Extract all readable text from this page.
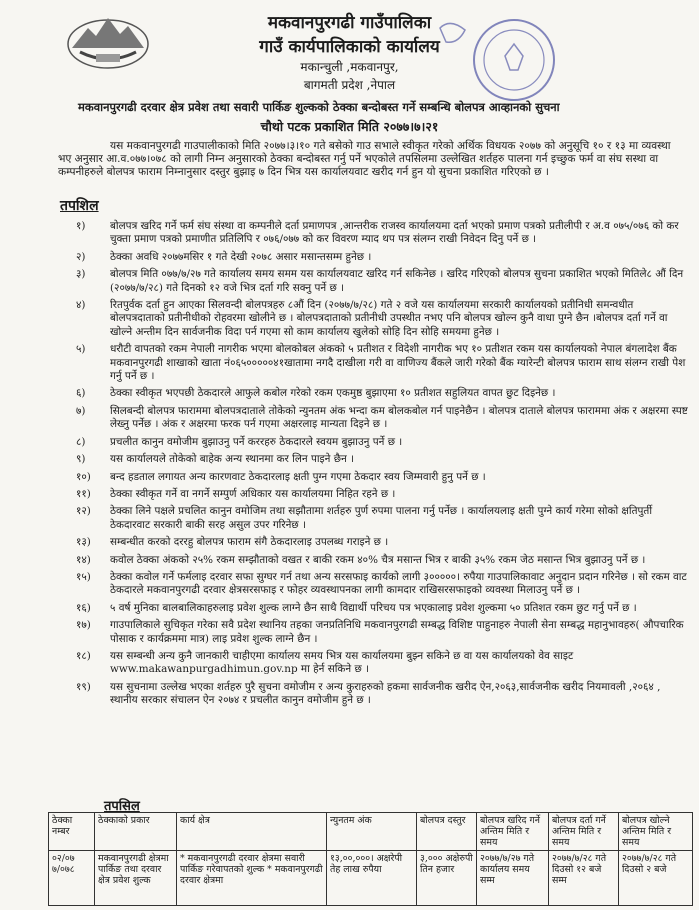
मकवानपुरगढी गाउँपालिका
गाउँ कार्यपालिकाको कार्यालय
मकान्चुली ,मकवानपुर,
बागमती प्रदेश ,नेपाल
मकवानपुरगढी दरवार क्षेत्र प्रवेश तथा सवारी पार्किङ शुल्कको ठेक्का बन्दोबस्त गर्ने सम्बन्धि बोलपत्र आव्हानको सुचना
चौथो पटक प्रकाशित मिति २०७७।७।२१
यस मकवानपुरगढी गाउपालीकाको मिति २०७७।३।१० गते बसेको गाउ सभाले स्वीकृत गरेको अर्थिक विधयक २०७७ को अनुसूचि १० र १३ मा व्यवस्था भए अनुसार आ.व.०७७।०७८ को लागी निम्न अनुसारको ठेक्का बन्दोबस्त गर्नु पर्ने भएकोले तपसिलमा उल्लेखित शर्तहरु पालना गर्न इच्छुक फर्म वा संघ सस्था वा कम्पनीहरुले बोलपत्र फाराम निम्नानुसार दस्तुर बुझाइ ७ दिन भित्र यस कार्यालयवाट खरीद गर्न हुन यो सुचना प्रकाशित गरिएको छ ।
तपशिल
१)	बोलपत्र खरिद गर्ने फर्म संघ संस्था वा कम्पनीले दर्ता प्रमाणपत्र ,आन्तरीक राजस्व कार्यालयमा दर्ता भएको प्रमाण पत्रको प्रतीलीपी र अ.व ०७५/०७६ को कर चुक्ता प्रमाण पत्रको प्रमाणीत प्रतिलिपि र ०७६/०७७ को कर विवरण म्याद थप पत्र संलग्न राखी निवेदन दिनु पर्ने छ ।
२)	ठेक्का अवधि २०७७मसिर १ गते देखी २०७८ असार मसान्तसम्म हुनेछ ।
३)	बोलपत्र मिति ०७७/७/२७ गते कार्यालय समय समम यस कार्यालयवाट खरिद गर्न सकिनेछ । खरिद गरिएको बोलपत्र सुचना प्रकाशित भएको मितिले८ औं दिन (२०७७/७/२८) गते दिनको १२ वजे भित्र दर्ता गरि सक्नु पर्ने छ ।
४)	रितपुर्वक दर्ता हुन आएका सिलवन्दी बोलपत्रहरु ८औं दिन (२०७७/७/२८) गते २ वजे यस कार्यालयमा सरकारी कार्यालयको प्रतीनिधी समन्वधीत बोलपत्रदाताको प्रतीनीधीको रोहवरमा खोलीने छ । बोलपत्रदाताको प्रतीनीधी उपस्थीत नभए पनि बोलपत्र खोल्न कुनै वाधा पुग्ने छैन ।बोलपत्र दर्ता गर्ने वा खोल्ने अन्तीम दिन सार्वजनीक विदा पर्न गएमा सो काम कार्यालय खुलेको सोहि दिन सोहि समयमा हुनेछ ।
५)	धरौटी वापतको रकम नेपाली नागरीक भएमा बोलकोबल अंकको ५ प्रतीशत र विदेशी नागरीक भए १० प्रतीशत रकम यस कार्यालयको नेपाल बंगलादेश बैंक मकवानपुरगढी शाखाको खाता नं०६५०००००४१खातामा नगदै दाखीला गरी वा वाणिज्य बैंकले जारी गरेको बैंक ग्यारेन्टी बोलपत्र फाराम साथ संलग्न राखी पेश गर्नु पर्ने छ ।
६)	ठेक्का स्वीकृत भएपछी ठेकदारले आफुले कबोल गरेको रकम एकमुष्ठ बुझाएमा १० प्रतीशत सहुलियत वापत छुट दिइनेछ ।
७)	सिलबन्दी बोलपत्र फाराममा बोलपत्रदाताले तोकेको न्युनतम अंक भन्दा कम बोलकबोल गर्न पाइनेछैन । बोलपत्र दाताले बोलपत्र फाराममा अंक र अक्षरमा स्पष्ट लेख्नु पर्नेछ । अंक र अक्षरमा फरक पर्न गएमा अक्षरलाइ मान्यता दिइने छ ।
८)	प्रचलीत कानुन वमोजीम बुझाउनु पर्ने कररहरु ठेकदारले स्वयम बुझाउनु पर्ने छ ।
९)	यस कार्यालयले तोकेको बाहेक अन्य स्थानमा कर लिन पाइने छैन ।
१०)	बन्द हडताल लगायत अन्य कारणवाट ठेकदारलाइ क्षती पुग्न गएमा ठेकदार स्वय जिम्मवारी हुनु पर्ने छ ।
११)	ठेक्का स्वीकृत गर्ने वा नगर्ने सम्पुर्ण अधिकार यस कार्यालयमा निहित रहने छ ।
१२)	ठेक्का लिने पक्षले प्रचलित कानुन वमोजिम तथा सझौतामा शर्तहरु पुर्ण रुपमा पालना गर्नु पर्नेछ । कार्यालयलाइ क्षती पुग्ने कार्य गरेमा सोको क्षतिपुर्ती ठेकदारवाट सरकारी बाकी सरह असुल उपर गरिनेछ ।
१३)	सम्बन्धीत करको दररहु बोलपत्र फाराम संगै ठेकदारलाइ उपलब्ध गराइने छ ।
१४)	कवोल ठेक्का अंकको २५% रकम सम्झौताको वखत र बाकी रकम ४०% चैत्र मसान्त भित्र र बाकी ३५% रकम जेठ मसान्त भित्र बुझाउनु पर्ने छ ।
१५)	ठेक्का कवोल गर्ने फर्मलाइ दरवार सफा सुग्घर गर्न तथा अन्य सरसफाइ कार्यको लागी ३०००००। रुपैया गाउपालिकावाट अनुदान प्रदान गरिनेछ । सो रकम वाट ठेकदारले मकवानपुरगढी दरवार क्षेत्रसरसफाइ र फोहर व्यवस्थापनका लागी कामदार राखिसरसफाइको व्यवस्था मिलाउनु पर्ने छ ।
१६)	५ वर्ष मुनिका बालबालिकाहरुलाइ प्रवेश शुल्क लाग्ने छैन साथै विद्यार्थी परिचय पत्र भएकालाइ प्रवेश शुल्कमा ५० प्रतिशत रकम छुट गर्नु पर्ने छ ।
१७)	गाउपालिकाले सुचिकृत गरेका सवै प्रदेश स्थानिय तहका जनप्रतिनिधि मकवानपुरगढी सम्बद्ध विशिष्ट पाहुनाहरु नेपाली सेना सम्बद्ध महानुभावहरु( औपचारिक पोसाक र कार्यक्रममा मात्र) लाइ प्रवेश शुल्क लाग्ने छैन ।
१८)	यस सम्बन्धी अन्य कुनै जानकारी चाहीएमा कार्यालय समय भित्र यस कार्यालयमा बुझ्न सकिने छ वा यस कार्यालयको वेव साइट www.makawanpurgadhimun.gov.np मा हेर्न सकिने छ ।
१९)	यस सुचनामा उल्लेख भएका शर्तहरु पुरै सुचना वमोजीम र अन्य कुराहरुको हकमा सार्वजनीक खरीद ऐन,२०६३,सार्वजनीक खरीद नियमावली ,२०६४ , स्थानीय सरकार संचालन ऐन २०७४ र प्रचलीत कानुन वमोजीम हुने छ ।
तपसिल
ठेक्का नम्बर	ठेक्काको प्रकार	कार्य क्षेत्र	न्युनतम अंक	बोलपत्र दस्तुर	बोलपत्र खरिद गर्ने अन्तिम मिति र समय	बोलपत्र दर्ता गर्ने अन्तिम मिति र समय	बोलपत्र खोल्ने अन्तिम मिति र समय
०२/०७ ७/०७८	मकवानपुरगढी क्षेत्रमा पार्किङ तथा दरवार क्षेत्र प्रवेश शुल्क	* मकवानपुरगढी दरवार क्षेत्रमा सवारी पार्किङ गरेवापतको शुल्क * मकवानपुरगढी दरवार क्षेत्रमा	१३,००,०००। अक्षरेपी तेह लाख रुपैया	३,००० अक्षेरुपी तिन हजार	२०७७/७/२७ गते कार्यालय समय सम्म	२०७७/७/२८ गते दिउसो १२ बजे सम्म	२०७७/७/२८ गते दिउसो २ बजे
